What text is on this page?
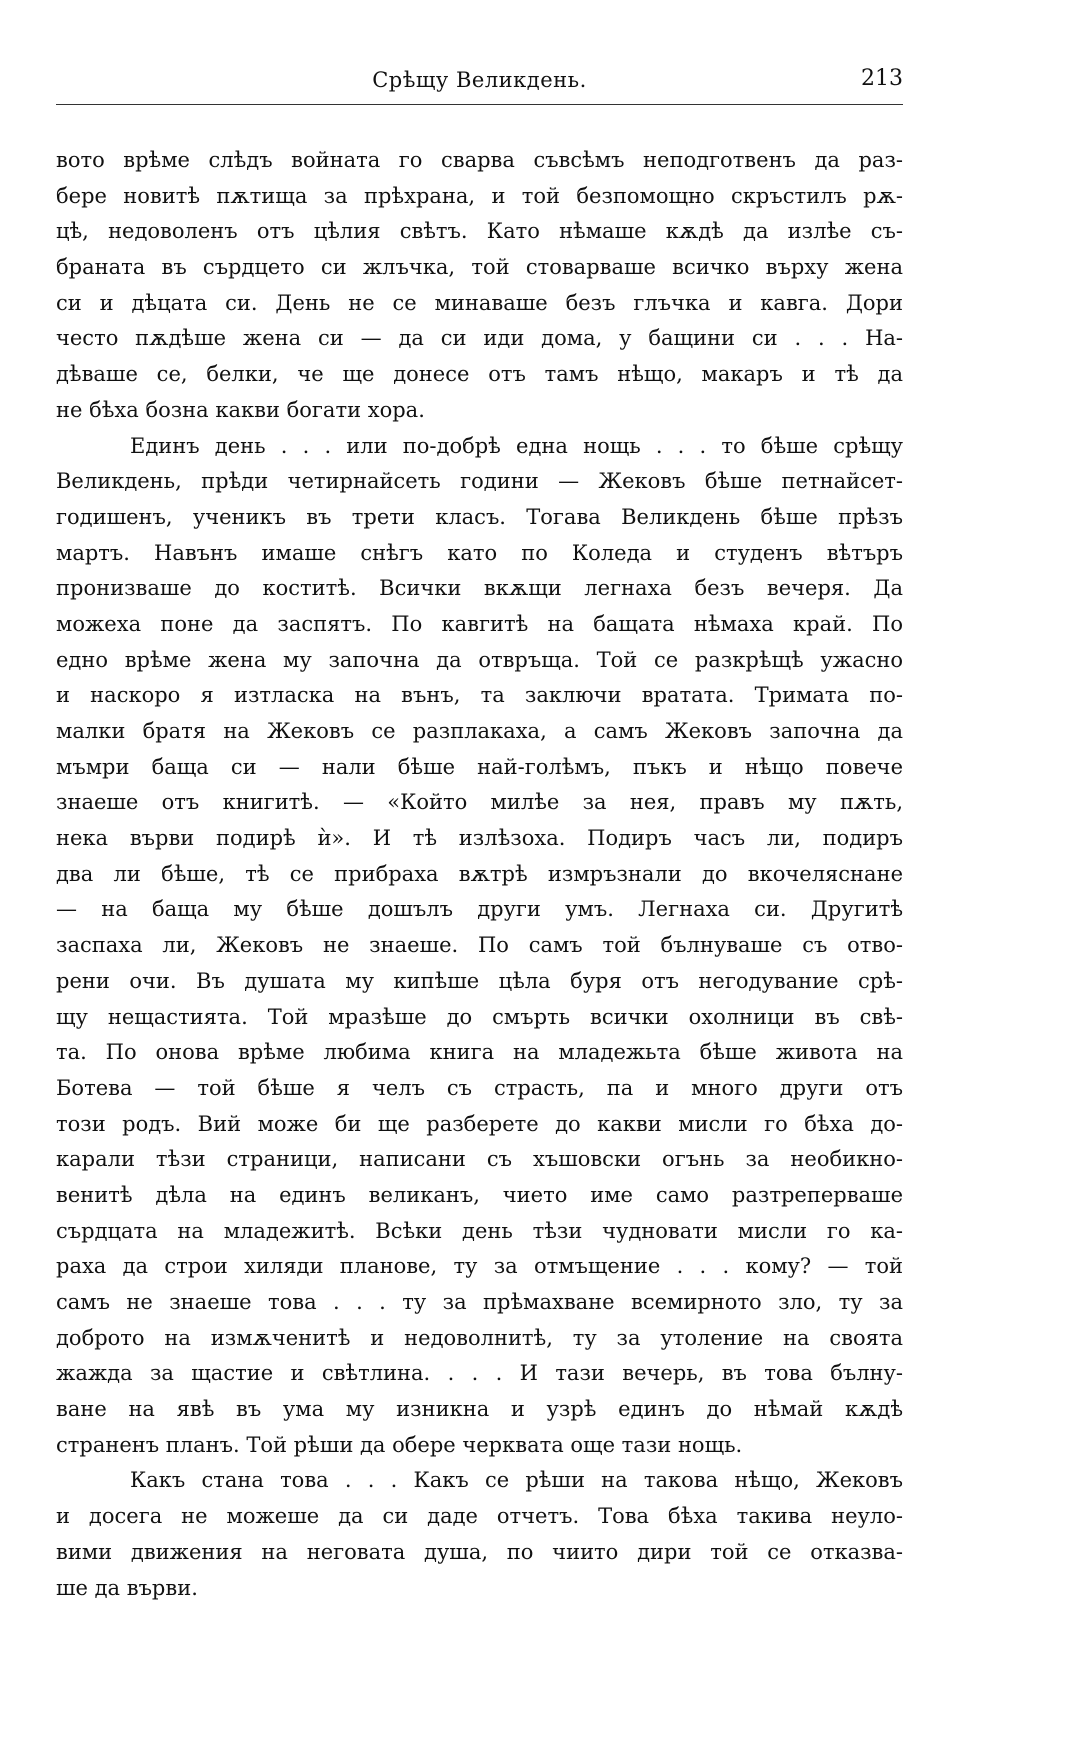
Срѣщу Великдень.	213
вото врѣме слѣдъ войната го сварва съвсѣмъ неподготвенъ да раз-
бере новитѣ пѫтища за прѣхрана, и той безпомощно скръстилъ рѫ-
цѣ, недоволенъ отъ цѣлия свѣтъ. Като нѣмаше кѫдѣ да излѣе съ-
браната въ сърдцето си жлъчка, той стоварваше всичко върху жена
си и дѣцата си. День не се минаваше безъ глъчка и кавга. Дори
често пѫдѣше жена си — да си иди дома, у бащини си . . . На-
дѣваше се, белки, че ще донесе отъ тамъ нѣщо, макаръ и тѣ да
не бѣха бозна какви богати хора.
Единъ день . . . или по-добрѣ една нощь . . . то бѣше срѣщу
Великдень, прѣди четирнайсеть години — Жековъ бѣше петнайсет-
годишенъ, ученикъ въ трети класъ. Тогава Великдень бѣше прѣзъ
мартъ. Навънъ имаше снѣгъ като по Коледа и студенъ вѣтъръ
пронизваше до коститѣ. Всички вкѫщи легнаха безъ вечеря. Да
можеха поне да заспятъ. По кавгитѣ на бащата нѣмаха край. По
едно врѣме жена му започна да отвръща. Той се разкрѣщѣ ужасно
и наскоро я изтласка на вънъ, та заключи вратата. Тримата по-
малки братя на Жековъ се разплакаха, а самъ Жековъ започна да
мъмри баща си — нали бѣше най-голѣмъ, пъкъ и нѣщо повече
знаеше отъ книгитѣ. — «Който милѣе за нея, правъ му пѫть,
нека върви подирѣ ѝ». И тѣ излѣзоха. Подиръ часъ ли, подиръ
два ли бѣше, тѣ се прибраха вѫтрѣ измръзнали до вкочеляснане
— на баща му бѣше дошълъ други умъ. Легнаха си. Другитѣ
заспаха ли, Жековъ не знаеше. По самъ той бълнуваше съ отво-
рени очи. Въ душата му кипѣше цѣла буря отъ негодувание срѣ-
щу нещастията. Той мразѣше до смърть всички охолници въ свѣ-
та. По онова врѣме любима книга на младежьта бѣше живота на
Ботева — той бѣше я челъ съ страсть, па и много други отъ
този родъ. Вий може би ще разберете до какви мисли го бѣха до-
карали тѣзи страници, написани съ хъшовски огънь за необикно-
венитѣ дѣла на единъ великанъ, чието име само разтреперваше
сърдцата на младежитѣ. Всѣки день тѣзи чудновати мисли го ка-
раха да строи хиляди планове, ту за отмъщение . . . кому? — той
самъ не знаеше това . . . ту за прѣмахване всемирното зло, ту за
доброто на измѫченитѣ и недоволнитѣ, ту за утоление на своята
жажда за щастие и свѣтлина. . . . И тази вечерь, въ това бълну-
ване на явѣ въ ума му изникна и узрѣ единъ до нѣмай кѫдѣ
страненъ планъ. Той рѣши да обере черквата още тази нощь.
Какъ стана това . . . Какъ се рѣши на такова нѣщо, Жековъ
и досега не можеше да си даде отчетъ. Това бѣха такива неуло-
вими движения на неговата душа, по чиито дири той се отказва-
ше да върви.
